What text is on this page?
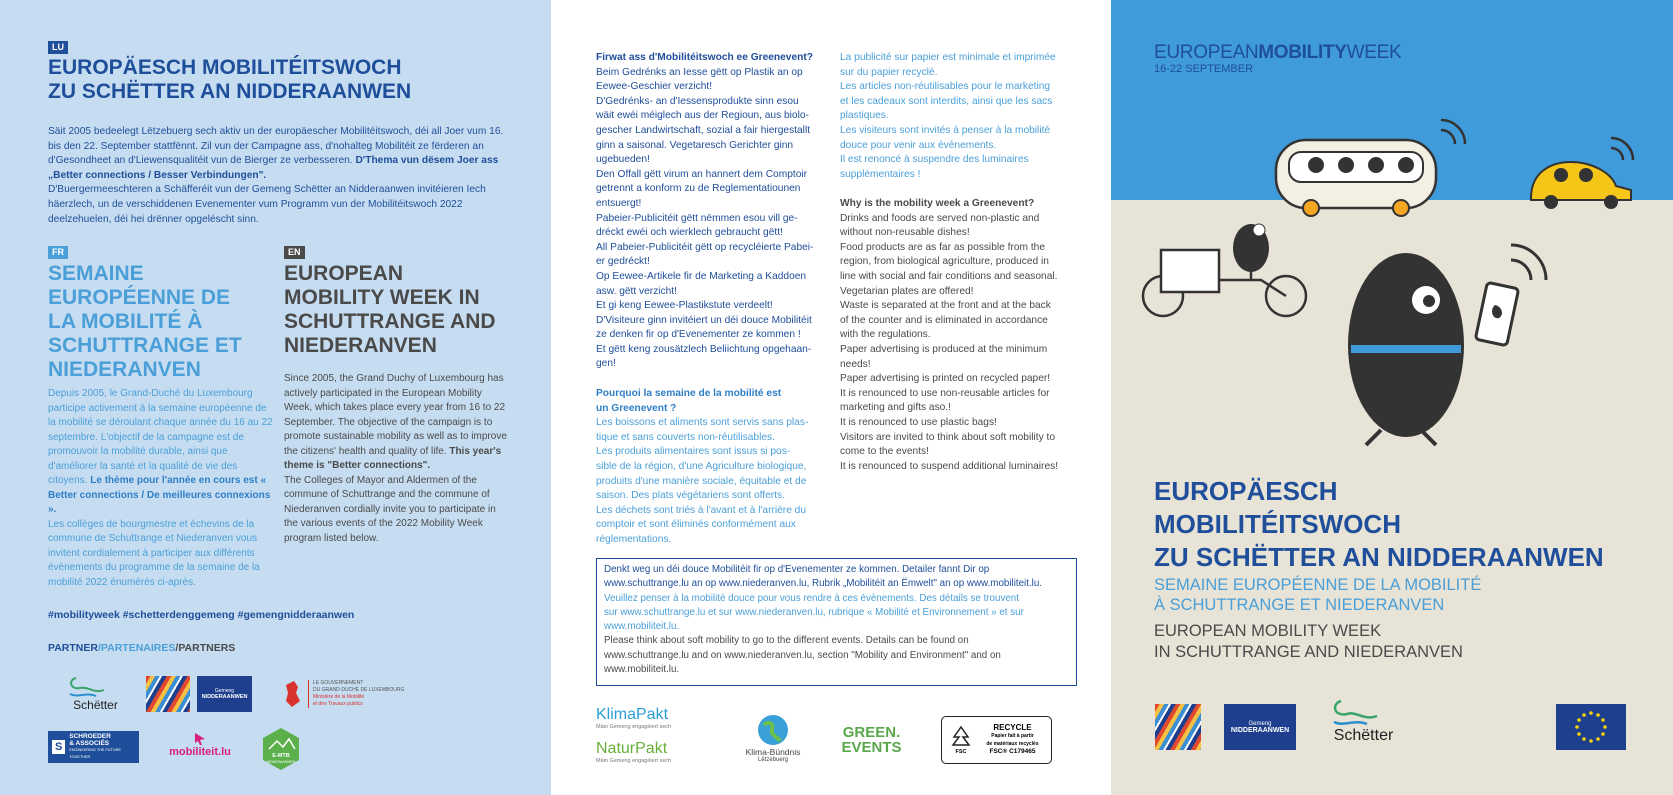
LU
EUROPÄESCH MOBILITÉITSWOCH
ZU SCHËTTER AN NIDDERAANWEN

Säit 2005 bedeelegt Lëtzebuerg sech aktiv un der europäescher Mobilitéitswoch, déi all Joer vum 16. bis den 22. September stattfënnt. Zil vun der Campagne ass, d'nohalteg Mobilitéit ze fërderen an d'Gesondheet an d'Liewensqualitéit vun de Bierger ze verbesseren. D'Thema vun dësem Joer ass „Better connections / Besser Verbindungen".

D'Buergermeeschteren a Schäfferéit vun der Gemeng Schëtter an Nidderaanwen invitéieren Iech häerzlech, un de verschiddenen Evenementer vum Programm vun der Mobilitéitswoch 2022 deelzehuelen, déi hei drënner opgeléscht sinn.

FR
SEMAINE
EUROPÉENNE DE
LA MOBILITÉ À
SCHUTTRANGE ET
NIEDERANVEN

Depuis 2005, le Grand-Duché du Luxembourg participe activement à la semaine européenne de la mobilité se déroulant chaque année du 16 au 22 septembre. L'objectif de la campagne est de promouvoir la mobilité durable, ainsi que d'améliorer la santé et la qualité de vie des citoyens. Le thème pour l'année en cours est « Better connections / De meilleures connexions ».

Les collèges de bourgmestre et échevins de la commune de Schuttrange et Niederanven vous invitent cordialement à participer aux différents évènements du programme de la semaine de la mobilité 2022 énumérés ci-après.

EN
EUROPEAN
MOBILITY WEEK IN
SCHUTTRANGE AND
NIEDERANVEN

Since 2005, the Grand Duchy of Luxembourg has actively participated in the European Mobility Week, which takes place every year from 16 to 22 September. The objective of the campaign is to promote sustainable mobility as well as to improve the citizens' health and quality of life. This year's theme is "Better connections".

The Colleges of Mayor and Aldermen of the commune of Schuttrange and the commune of Niederanven cordially invite you to participate in the various events of the 2022 Mobility Week program listed below.

#mobilityweek #schetterdenggemeng #gemengnidderaanwen
PARTNER/PARTENAIRES/PARTNERS
Schëtter
Gemeng
NIDDERAANWEN
LE GOUVERNEMENT
DU GRAND-DUCHÉ DE LUXEMBOURG
Ministère de la Mobilité
et des Travaux publics
S
SCHROEDER
& ASSOCIÉS
ENGINEERING THE FUTURE TOGETHER	mobiliteit.lu	E-MTB
NIDDERAANWEN
Firwat ass d'Mobilitéitswoch ee Greenevent?
Beim Gedrénks an Iesse gëtt op Plastik an op
Eewee-Geschier verzicht!
D'Gedrénks- an d'Iessensprodukte sinn esou
wäit ewéi méiglech aus der Regioun, aus biolo-
gescher Landwirtschaft, sozial a fair hiergestallt
ginn a saisonal. Vegetaresch Gerichter ginn
ugebueden!
Den Offall gëtt virum an hannert dem Comptoir
getrennt a konform zu de Reglementatiounen
entsuergt!
Pabeier-Publicitéit gëtt nëmmen esou vill ge-
dréckt ewéi och wierklech gebraucht gëtt!
All Pabeier-Publicitéit gëtt op recycléierte Pabei-
er gedréckt!
Op Eewee-Artikele fir de Marketing a Kaddoen
asw. gëtt verzicht!
Et gi keng Eewee-Plastikstute verdeelt!
D'Visiteure ginn invitéiert un déi douce Mobilitéit
ze denken fir op d'Evenementer ze kommen !
Et gëtt keng zousätzlech Beliichtung opgehaan-
gen!
Pourquoi la semaine de la mobilité est
un Greenevent ?
Les boissons et aliments sont servis sans plas-
tique et sans couverts non-réutilisables.
Les produits alimentaires sont issus si pos-
sible de la région, d'une Agriculture biologique,
produits d'une manière sociale, équitable et de
saison. Des plats végétariens sont offerts.
Les déchets sont triés à l'avant et à l'arrière du
comptoir et sont éliminés conformément aux
réglementations.
La publicité sur papier est minimale et imprimée
sur du papier recyclé.
Les articles non-réutilisables pour le marketing
et les cadeaux sont interdits, ainsi que les sacs
plastiques.
Les visiteurs sont invités à penser à la mobilité
douce pour venir aux évènements.
Il est renoncé à suspendre des luminaires
supplémentaires !
Why is the mobility week a Greenevent?
Drinks and foods are served non-plastic and
without non-reusable dishes!
Food products are as far as possible from the
region, from biological agriculture, produced in
line with social and fair conditions and seasonal.
Vegetarian plates are offered!
Waste is separated at the front and at the back
of the counter and is eliminated in accordance
with the regulations.
Paper advertising is produced at the minimum
needs!
Paper advertising is printed on recycled paper!
It is renounced to use non-reusable articles for
marketing and gifts aso.!
It is renounced to use plastic bags!
Visitors are invited to think about soft mobility to
come to the events!
It is renounced to suspend additional luminaires!
Denkt weg un déi douce Mobilitéit fir op d'Evenementer ze kommen. Detailer fannt Dir op
www.schuttrange.lu an op www.niederanven.lu, Rubrik „Mobilitéit an Ëmwelt" an op www.mobiliteit.lu.
Veuillez penser à la mobilité douce pour vous rendre à ces évènements. Des détails se trouvent
sur www.schuttrange.lu et sur www.niederanven.lu, rubrique « Mobilité et Environnement » et sur
www.mobiliteit.lu.
Please think about soft mobility to go to the different events. Details can be found on
www.schuttrange.lu and on www.niederanven.lu, section "Mobility and Environment" and on
www.mobiliteit.lu.
KlimaPakt
Mäin Gemeng engagéiert sech
NaturPakt
Mäin Gemeng engagéiert sech
Klima-Bündnis
Lëtzebuerg
GREEN.
EVENTS	FSC
RECYCLE
Papier fait à partir
de matériaux recyclés
FSC® C179465
EUROPEANMOBILITYWEEK
16-22 SEPTEMBER
EUROPÄESCH
MOBILITÉITSWOCH
ZU SCHËTTER AN NIDDERAANWEN
SEMAINE EUROPÉENNE DE LA MOBILITÉ
À SCHUTTRANGE ET NIEDERANVEN
EUROPEAN MOBILITY WEEK
IN SCHUTTRANGE AND NIEDERANVEN
Gemeng
NIDDERAANWEN	Schëtter
